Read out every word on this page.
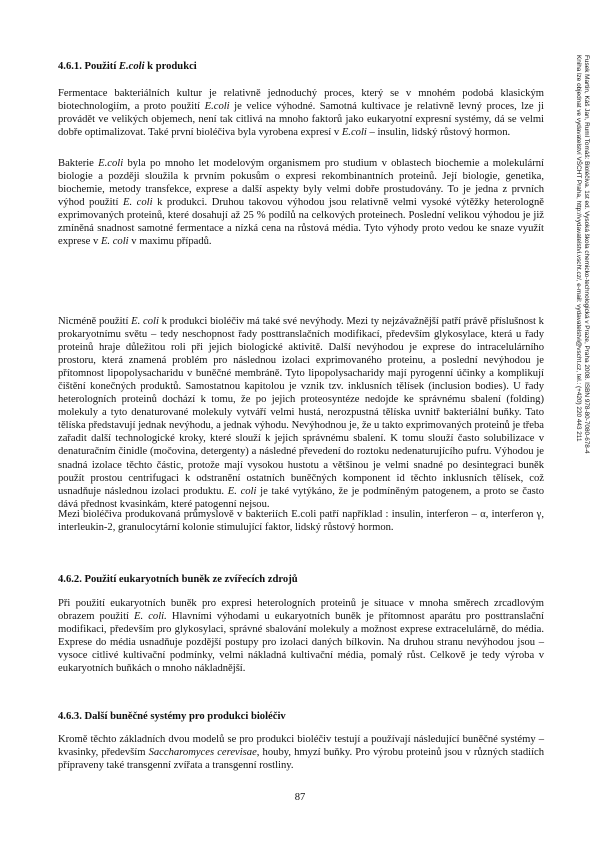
4.6.1. Použití E.coli k produkci

Fermentace bakteriálních kultur je relativně jednoduchý proces, který se v mnohém podobá klasickým biotechnologiím, a proto použití E.coli je velice výhodné. Samotná kultivace je relativně levný proces, lze ji provádět ve velikých objemech, není tak citlivá na mnoho faktorů jako eukaryotní expresní systémy, dá se velmi dobře optimalizovat. Také první bioléčiva byla vyrobena expresí v E.coli – insulin, lidský růstový hormon.

Bakterie E.coli byla po mnoho let modelovým organismem pro studium v oblastech biochemie a molekulární biologie a později sloužila k prvním pokusům o expresi rekombinantních proteinů. Její biologie, genetika, biochemie, metody transfekce, exprese a další aspekty byly velmi dobře prostudovány. To je jedna z prvních výhod použití E. coli k produkci. Druhou takovou výhodou jsou relativně velmi vysoké výtěžky heterologně exprimovaných proteinů, které dosahují až 25 % podílů na celkových proteinech. Poslední velikou výhodou je již zmíněná snadnost samotné fermentace a nízká cena na růstová média. Tyto výhody proto vedou ke snaze využít exprese v E. coli v maximu případů.

Nicméně použití E. coli k produkci bioléčiv má také své nevýhody. Mezi ty nejzávažnější patří právě příslušnost k prokaryotnímu světu – tedy neschopnost řady posttranslačních modifikací, především glykosylace, která u řady proteinů hraje důležitou roli při jejich biologické aktivitě. Další nevýhodou je exprese do intracelulárního prostoru, která znamená problém pro následnou izolaci exprimovaného proteinu, a poslední nevýhodou je přítomnost lipopolysacharidu v buněčné membráně. Tyto lipopolysacharidy mají pyrogenní účinky a komplikují čištění konečných produktů. Samostatnou kapitolou je vznik tzv. inklusních tělísek (inclusion bodies). U řady heterologních proteinů dochází k tomu, že po jejich proteosyntéze nedojde ke správnému sbalení (folding) molekuly a tyto denaturované molekuly vytváří velmi hustá, nerozpustná tělíska uvnitř bakteriální buňky. Tato tělíska představují jednak nevýhodu, a jednak výhodu. Nevýhodnou je, že u takto exprimovaných proteinů je třeba zařadit další technologické kroky, které slouží k jejich správnému sbalení. K tomu slouží často solubilizace v denaturačním činidle (močovina, detergenty) a následné převedení do roztoku nedenaturujícího pufru. Výhodou je snadná izolace těchto částic, protože mají vysokou hustotu a většinou je velmi snadné po desintegraci buněk použít prostou centrifugaci k odstranění ostatních buněčných komponent id těchto inklusních tělísek, což usnadňuje následnou izolaci produktu. E. coli je také vytýkáno, že je podmíněným patogenem, a proto se často dává přednost kvasinkám, které patogenní nejsou.

Mezi bioléčiva produkovaná průmyslově v bakteriích E.coli patří například : insulin, interferon – α, interferon γ, interleukin-2, granulocytární kolonie stimulující faktor, lidský růstový hormon.

4.6.2. Použití eukaryotních buněk ze zvířecích zdrojů

Při použití eukaryotních buněk pro expresi heterologních proteinů je situace v mnoha směrech zrcadlovým obrazem použití E. coli. Hlavními výhodami u eukaryotních buněk je přítomnost aparátu pro posttranslační modifikaci, především pro glykosylaci, správné sbalování molekuly a možnost exprese extracelulárně, do média. Exprese do média usnadňuje pozdější postupy pro izolaci daných bílkovin. Na druhou stranu nevýhodou jsou – vysoce citlivé kultivační podmínky, velmi nákladná kultivační média, pomalý růst. Celkově je tedy výroba v eukaryotních buňkách o mnoho nákladnější.

4.6.3. Další buněčné systémy pro produkci bioléčiv

Kromě těchto základních dvou modelů se pro produkci bioléčiv testují a používají následující buněčné systémy – kvasinky, především Saccharomyces cerevisae, houby, hmyzí buňky. Pro výrobu proteinů jsou v různých stadiích přípraveny také transgenní zvířata a transgenní rostliny.

87
Fusek Martin, Káš Jan, Ruml Tomáš: Bioléčiva. 1st ed. Vysoká škola chemicko-technologická v Praze, Praha 2008. ISBN 978-80-7080-678-4
Kniha lze objednat ve vydavatelství VŠCHT Praha, http://vydavatelstvi.vscht.cz/, e-mail: vydavatelstvi@vscht.cz, tel.: (+420) 220 443 211
